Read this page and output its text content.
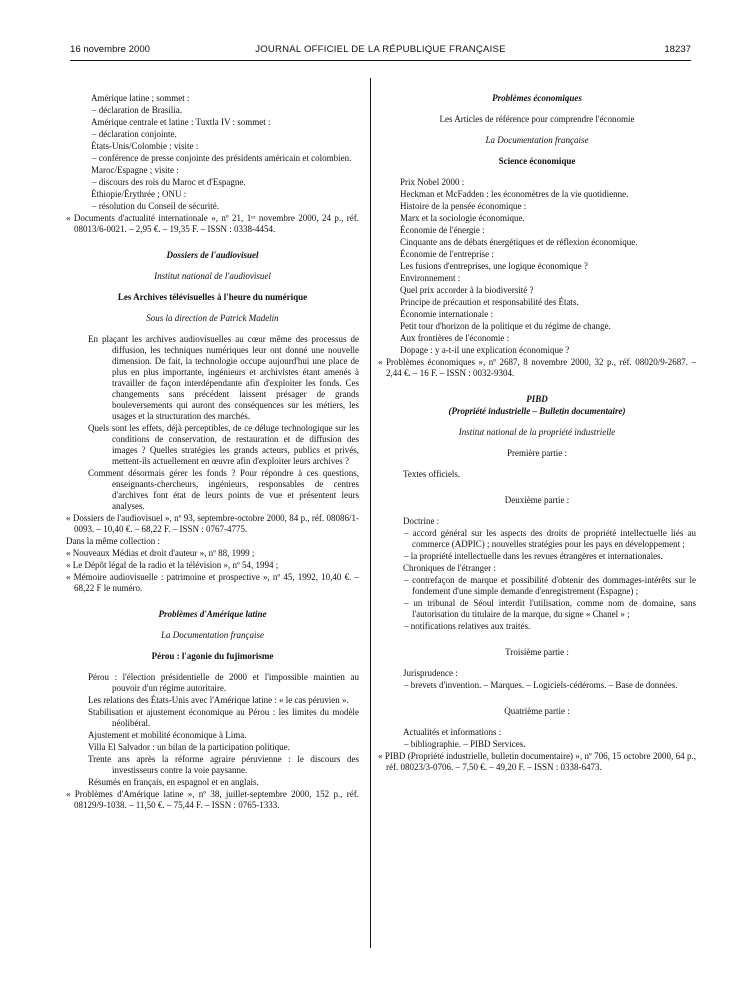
16 novembre 2000	JOURNAL OFFICIEL DE LA RÉPUBLIQUE FRANÇAISE	18237
Amérique latine ; sommet :
– déclaration de Brasilia.
Amérique centrale et latine : Tuxtla IV : sommet :
– déclaration conjointe.
États-Unis/Colombie : visite :
– conférence de presse conjointe des présidents américain et colombien.
Maroc/Espagne ; visite :
– discours des rois du Maroc et d'Espagne.
Éthiopie/Érythrée ; ONU :
– résolution du Conseil de sécurité.
« Documents d'actualité internationale », nº 21, 1ᵉʳ novembre 2000, 24 p., réf. 08013/6-0021. – 2,95 €. – 19,35 F. – ISSN : 0338-4454.
Dossiers de l'audiovisuel
Institut national de l'audiovisuel
Les Archives télévisuelles à l'heure du numérique
Sous la direction de Patrick Madelin
En plaçant les archives audiovisuelles au cœur même des processus de diffusion, les techniques numériques leur ont donné une nouvelle dimension. De fait, la technologie occupe aujourd'hui une place de plus en plus importante, ingénieurs et archivistes étant amenés à travailler de façon interdépendante afin d'exploiter les fonds. Ces changements sans précédent laissent présager de grands bouleversements qui auront des conséquences sur les métiers, les usages et la structuration des marchés.
Quels sont les effets, déjà perceptibles, de ce déluge technologique sur les conditions de conservation, de restauration et de diffusion des images ? Quelles stratégies les grands acteurs, publics et privés, mettent-ils actuellement en œuvre afin d'exploiter leurs archives ?
Comment désormais gérer les fonds ? Pour répondre à ces questions, enseignants-chercheurs, ingénieurs, responsables de centres d'archives font état de leurs points de vue et présentent leurs analyses.
« Dossiers de l'audiovisuel », nº 93, septembre-octobre 2000, 84 p., réf. 08086/1-0093. – 10,40 €. – 68,22 F. – ISSN : 0767-4775.
Dans la même collection :
« Nouveaux Médias et droit d'auteur », nº 88, 1999 ;
« Le Dépôt légal de la radio et la télévision », nº 54, 1994 ;
« Mémoire audiovisuelle : patrimoine et prospective », nº 45, 1992, 10,40 €. – 68,22 F le numéro.
Problèmes d'Amérique latine
La Documentation française
Pérou : l'agonie du fujimorisme
Pérou : l'élection présidentielle de 2000 et l'impossible maintien au pouvoir d'un régime autoritaire.
Les relations des États-Unis avec l'Amérique latine : « le cas péruvien ».
Stabilisation et ajustement économique au Pérou : les limites du modèle néolibéral.
Ajustement et mobilité économique à Lima.
Villa El Salvador : un bilan de la participation politique.
Trente ans après la réforme agraire péruvienne : le discours des investisseurs contre la voie paysanne.
Résumés en français, en espagnol et en anglais.
« Problèmes d'Amérique latine », nº 38, juillet-septembre 2000, 152 p., réf. 08129/9-1038. – 11,50 €. – 75,44 F. – ISSN : 0765-1333.
Problèmes économiques
Les Articles de référence pour comprendre l'économie
La Documentation française
Science économique
Prix Nobel 2000 :
Heckman et McFadden : les économètres de la vie quotidienne.
Histoire de la pensée économique :
Marx et la sociologie économique.
Économie de l'énergie :
Cinquante ans de débats énergétiques et de réflexion économique.
Économie de l'entreprise :
Les fusions d'entreprises, une logique économique ?
Environnement :
Quel prix accorder à la biodiversité ?
Principe de précaution et responsabilité des États.
Économie internationale :
Petit tour d'horizon de la politique et du régime de change.
Aux frontières de l'économie :
Dopage : y a-t-il une explication économique ?
« Problèmes économiques », nº 2687, 8 novembre 2000, 32 p., réf. 08020/9-2687. – 2,44 €. – 16 F. – ISSN : 0032-9304.
PIBD
(Propriété industrielle – Bulletin documentaire)
Institut national de la propriété industrielle
Première partie :
Textes officiels.
Deuxième partie :
Doctrine :
– accord général sur les aspects des droits de propriété intellectuelle liés au commerce (ADPIC) ; nouvelles stratégies pour les pays en développement ;
– la propriété intellectuelle dans les revues étrangères et internationales.
Chroniques de l'étranger :
– contrefaçon de marque et possibilité d'obtenir des dommages-intérêts sur le fondement d'une simple demande d'enregistrement (Espagne) ;
– un tribunal de Séoul interdit l'utilisation, comme nom de domaine, sans l'autorisation du titulaire de la marque, du signe « Chanel » ;
– notifications relatives aux traités.
Troisième partie :
Jurisprudence :
– brevets d'invention. – Marques. – Logiciels-cédéroms. – Base de données.
Quatrième partie :
Actualités et informations :
– bibliographie. – PIBD Services.
« PIBD (Propriété industrielle, bulletin documentaire) », nº 706, 15 octobre 2000, 64 p., réf. 08023/3-0706. – 7,50 €. – 49,20 F. – ISSN : 0338-6473.
